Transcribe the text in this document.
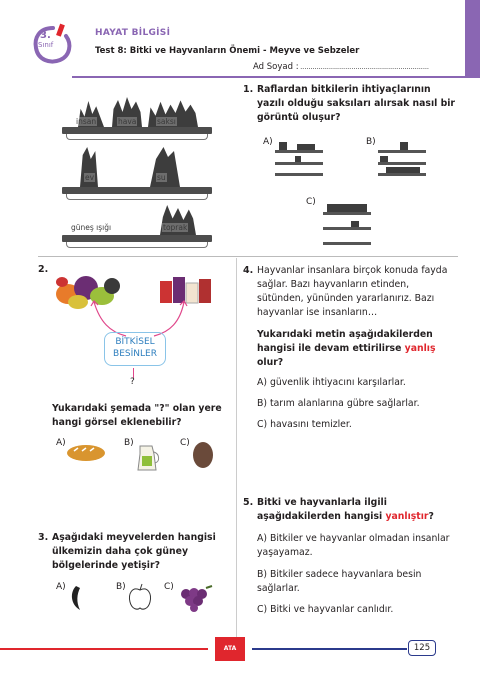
3.
Sınıf
HAYAT BİLGİSİ
Test 8: Bitki ve Hayvanların Önemi - Meyve ve Sebzeler
Ad Soyad : ...............................................................
insan	hava	saksı
ev	su
güneş ışığı	toprak
1. Raflardan bitkilerin ihtiyaçlarının yazılı olduğu saksıları alırsak nasıl bir görüntü oluşur?
A)	B)
C)
2.
BİTKİSEL BESİNLER
?
Yukarıdaki şemada "?" olan yere hangi görsel eklenebilir?
A)	B)	C)
3. Aşağıdaki meyvelerden hangisi ülkemizin daha çok güney bölgelerinde yetişir?
A)	B)	C)
4. Hayvanlar insanlara birçok konuda fayda sağlar. Bazı hayvanların etinden, sütünden, yününden yararlanırız. Bazı hayvanlar ise insanların…
Yukarıdaki metin aşağıdakilerden hangisi ile devam ettirilirse yanlış olur?
A) güvenlik ihtiyacını karşılarlar.
B) tarım alanlarına gübre sağlarlar.
C) havasını temizler.
5. Bitki ve hayvanlarla ilgili aşağıdakilerden hangisi yanlıştır?
A) Bitkiler ve hayvanlar olmadan insanlar yaşayamaz.
B) Bitkiler sadece hayvanlara besin sağlarlar.
C) Bitki ve hayvanlar canlıdır.
ATA	125
